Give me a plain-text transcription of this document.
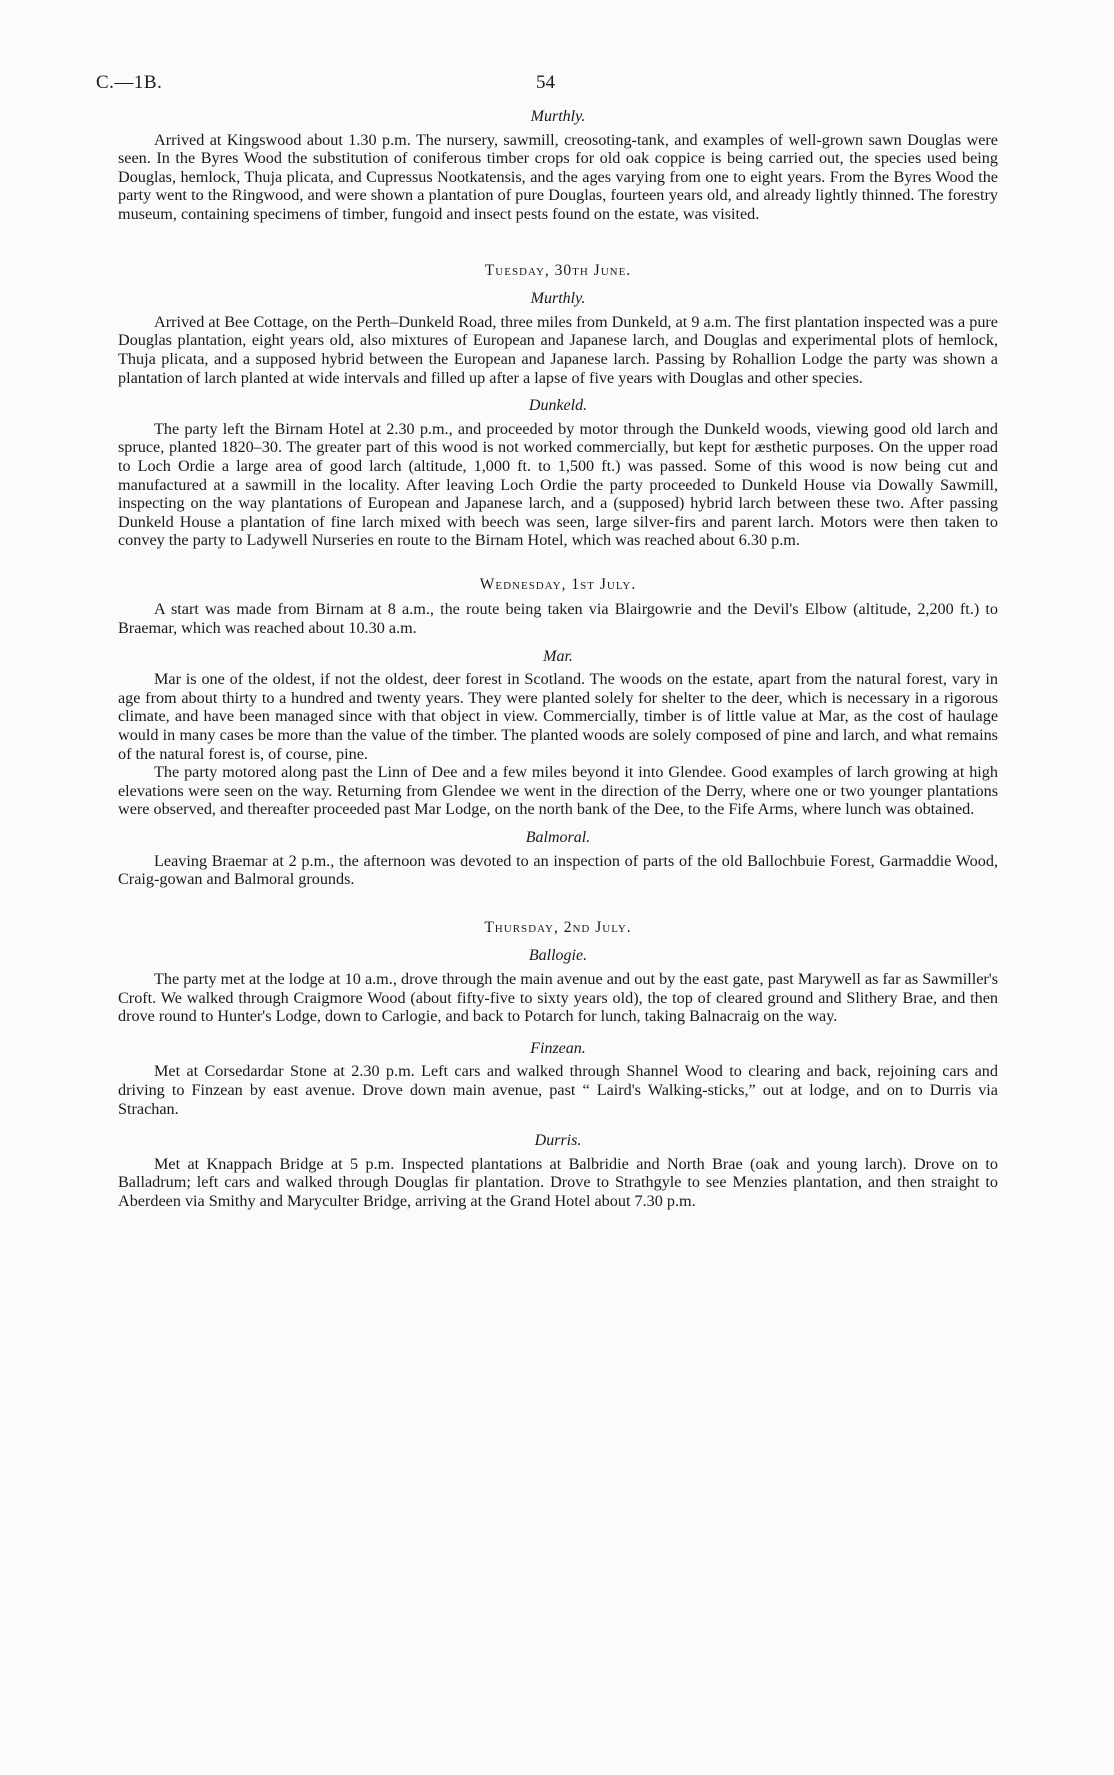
C.—1B.	54
Murthly.

Arrived at Kingswood about 1.30 p.m. The nursery, sawmill, creosoting-tank, and examples of well-grown sawn Douglas were seen. In the Byres Wood the substitution of coniferous timber crops for old oak coppice is being carried out, the species used being Douglas, hemlock, Thuja plicata, and Cupressus Nootkatensis, and the ages varying from one to eight years. From the Byres Wood the party went to the Ringwood, and were shown a plantation of pure Douglas, fourteen years old, and already lightly thinned. The forestry museum, containing specimens of timber, fungoid and insect pests found on the estate, was visited.

Tuesday, 30th June.
Murthly.

Arrived at Bee Cottage, on the Perth–Dunkeld Road, three miles from Dunkeld, at 9 a.m. The first plantation inspected was a pure Douglas plantation, eight years old, also mixtures of European and Japanese larch, and Douglas and experimental plots of hemlock, Thuja plicata, and a supposed hybrid between the European and Japanese larch. Passing by Rohallion Lodge the party was shown a plantation of larch planted at wide intervals and filled up after a lapse of five years with Douglas and other species.

Dunkeld.

The party left the Birnam Hotel at 2.30 p.m., and proceeded by motor through the Dunkeld woods, viewing good old larch and spruce, planted 1820–30. The greater part of this wood is not worked commercially, but kept for æsthetic purposes. On the upper road to Loch Ordie a large area of good larch (altitude, 1,000 ft. to 1,500 ft.) was passed. Some of this wood is now being cut and manufactured at a sawmill in the locality. After leaving Loch Ordie the party proceeded to Dunkeld House via Dowally Sawmill, inspecting on the way plantations of European and Japanese larch, and a (supposed) hybrid larch between these two. After passing Dunkeld House a plantation of fine larch mixed with beech was seen, large silver-firs and parent larch. Motors were then taken to convey the party to Ladywell Nurseries en route to the Birnam Hotel, which was reached about 6.30 p.m.

Wednesday, 1st July.

A start was made from Birnam at 8 a.m., the route being taken via Blairgowrie and the Devil's Elbow (altitude, 2,200 ft.) to Braemar, which was reached about 10.30 a.m.

Mar.

Mar is one of the oldest, if not the oldest, deer forest in Scotland. The woods on the estate, apart from the natural forest, vary in age from about thirty to a hundred and twenty years. They were planted solely for shelter to the deer, which is necessary in a rigorous climate, and have been managed since with that object in view. Commercially, timber is of little value at Mar, as the cost of haulage would in many cases be more than the value of the timber. The planted woods are solely composed of pine and larch, and what remains of the natural forest is, of course, pine.

The party motored along past the Linn of Dee and a few miles beyond it into Glendee. Good examples of larch growing at high elevations were seen on the way. Returning from Glendee we went in the direction of the Derry, where one or two younger plantations were observed, and thereafter proceeded past Mar Lodge, on the north bank of the Dee, to the Fife Arms, where lunch was obtained.

Balmoral.

Leaving Braemar at 2 p.m., the afternoon was devoted to an inspection of parts of the old Ballochbuie Forest, Garmaddie Wood, Craig-gowan and Balmoral grounds.

Thursday, 2nd July.
Ballogie.

The party met at the lodge at 10 a.m., drove through the main avenue and out by the east gate, past Marywell as far as Sawmiller's Croft. We walked through Craigmore Wood (about fifty-five to sixty years old), the top of cleared ground and Slithery Brae, and then drove round to Hunter's Lodge, down to Carlogie, and back to Potarch for lunch, taking Balnacraig on the way.

Finzean.

Met at Corsedardar Stone at 2.30 p.m. Left cars and walked through Shannel Wood to clearing and back, rejoining cars and driving to Finzean by east avenue. Drove down main avenue, past “ Laird's Walking-sticks,” out at lodge, and on to Durris via Strachan.

Durris.

Met at Knappach Bridge at 5 p.m. Inspected plantations at Balbridie and North Brae (oak and young larch). Drove on to Balladrum; left cars and walked through Douglas fir plantation. Drove to Strathgyle to see Menzies plantation, and then straight to Aberdeen via Smithy and Maryculter Bridge, arriving at the Grand Hotel about 7.30 p.m.
